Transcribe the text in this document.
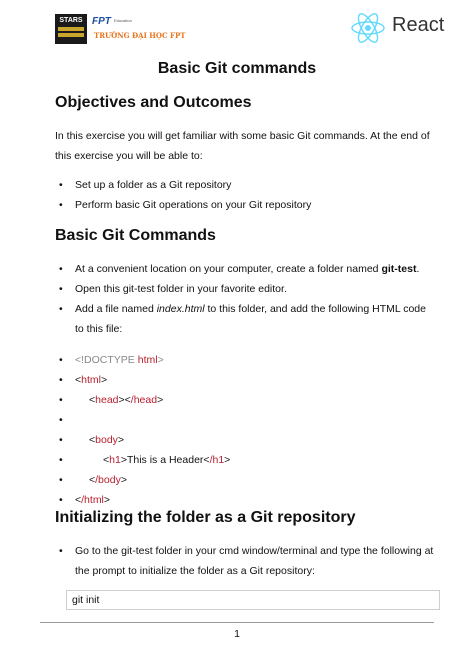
STARS FPT Education
TRƯỜNG ĐẠI HỌC FPT	React
Basic Git commands
Objectives and Outcomes
In this exercise you will get familiar with some basic Git commands. At the end of
this exercise you will be able to:
• Set up a folder as a Git repository
• Perform basic Git operations on your Git repository
Basic Git Commands
• At a convenient location on your computer, create a folder named git-test.
• Open this git-test folder in your favorite editor.
• Add a file named index.html to this folder, and add the following HTML code
to this file:
• <!DOCTYPE html>
• <html>
• <head></head>
•
• <body>
• <h1>This is a Header</h1>
• </body>
• </html>
Initializing the folder as a Git repository
• Go to the git-test folder in your cmd window/terminal and type the following at
the prompt to initialize the folder as a Git repository:
git init
1
